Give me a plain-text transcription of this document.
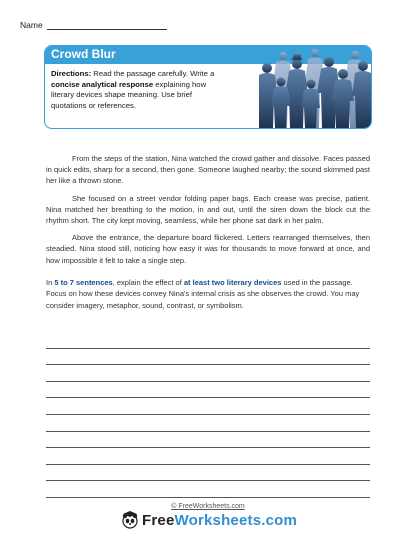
Name
Crowd Blur
Directions: Read the passage carefully. Write a concise analytical response explaining how literary devices shape meaning. Use brief quotations or references.

From the steps of the station, Nina watched the crowd gather and dissolve. Faces passed in quick edits, sharp for a second, then gone. Someone laughed nearby; the sound skimmed past her like a thrown stone.

She focused on a street vendor folding paper bags. Each crease was precise, patient. Nina matched her breathing to the motion, in and out, until the siren down the block cut the rhythm short. The city kept moving, seamless, while her phone sat dark in her palm.

Above the entrance, the departure board flickered. Letters rearranged themselves, then steadied. Nina stood still, noticing how easy it was for thousands to move forward at once, and how impossible it felt to take a single step.

In 5 to 7 sentences, explain the effect of at least two literary devices used in the passage. Focus on how these devices convey Nina's internal crisis as she observes the crowd. You may consider imagery, metaphor, sound, contrast, or symbolism.
© FreeWorksheets.com
FreeWorksheets.com
